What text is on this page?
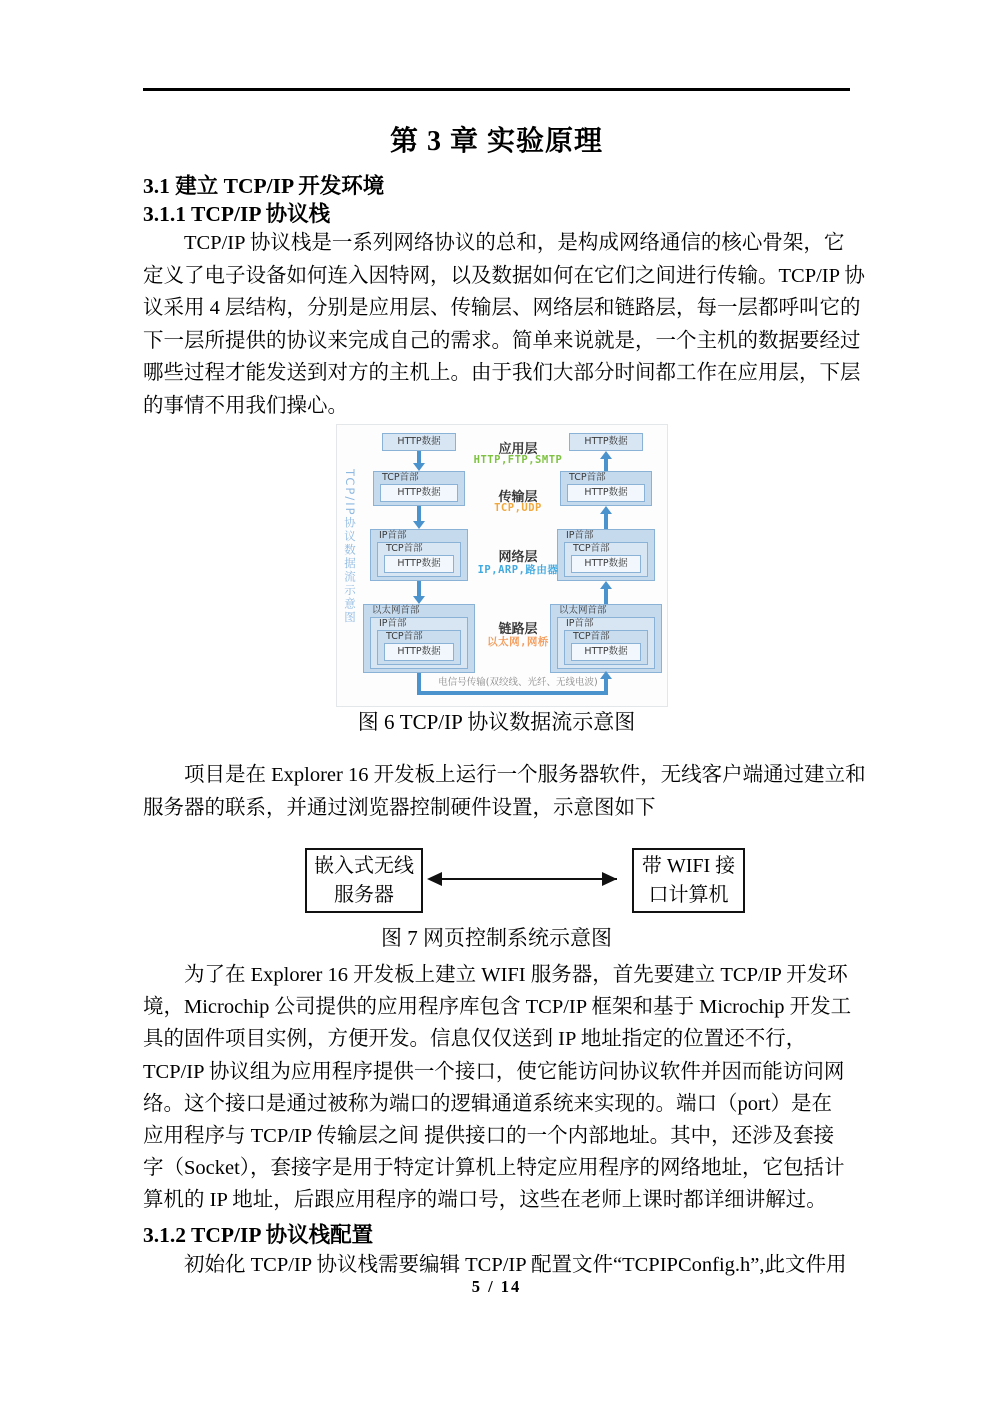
第 3 章 实验原理
3.1 建立 TCP/IP 开发环境
3.1.1 TCP/IP 协议栈
TCP/IP 协议栈是一系列网络协议的总和，是构成网络通信的核心骨架，它
定义了电子设备如何连入因特网，以及数据如何在它们之间进行传输。TCP/IP 协
议采用 4 层结构，分别是应用层、传输层、网络层和链路层，每一层都呼叫它的
下一层所提供的协议来完成自己的需求。简单来说就是，一个主机的数据要经过
哪些过程才能发送到对方的主机上。由于我们大部分时间都工作在应用层，下层
的事情不用我们操心。
TCP/IP协议数据流示意图
电信号传输(双绞线、光纤、无线电波)
HTTP数据	HTTP数据
应用层
HTTP,FTP,SMTP
TCP首部
HTTP数据
TCP首部
HTTP数据
传输层
TCP,UDP
IP首部
TCP首部
HTTP数据
IP首部
TCP首部
HTTP数据
网络层
IP,ARP,路由器
以太网首部
IP首部
TCP首部
HTTP数据
以太网首部
IP首部
TCP首部
HTTP数据
链路层
以太网,网桥
图 6 TCP/IP 协议数据流示意图
项目是在 Explorer 16 开发板上运行一个服务器软件，无线客户端通过建立和
服务器的联系，并通过浏览器控制硬件设置，示意图如下
嵌入式无线
服务器
带 WIFI 接
口计算机
图 7 网页控制系统示意图
为了在 Explorer 16 开发板上建立 WIFI 服务器，首先要建立 TCP/IP 开发环
境，Microchip 公司提供的应用程序库包含 TCP/IP 框架和基于 Microchip 开发工
具的固件项目实例，方便开发。信息仅仅送到 IP 地址指定的位置还不行，
TCP/IP 协议组为应用程序提供一个接口，使它能访问协议软件并因而能访问网
络。这个接口是通过被称为端口的逻辑通道系统来实现的。端口（port）是在
应用程序与 TCP/IP 传输层之间 提供接口的一个内部地址。其中，还涉及套接
字（Socket），套接字是用于特定计算机上特定应用程序的网络地址，它包括计
算机的 IP 地址，后跟应用程序的端口号，这些在老师上课时都详细讲解过。
3.1.2 TCP/IP 协议栈配置
初始化 TCP/IP 协议栈需要编辑 TCP/IP 配置文件“TCPIPConfig.h”,此文件用
5 / 14
